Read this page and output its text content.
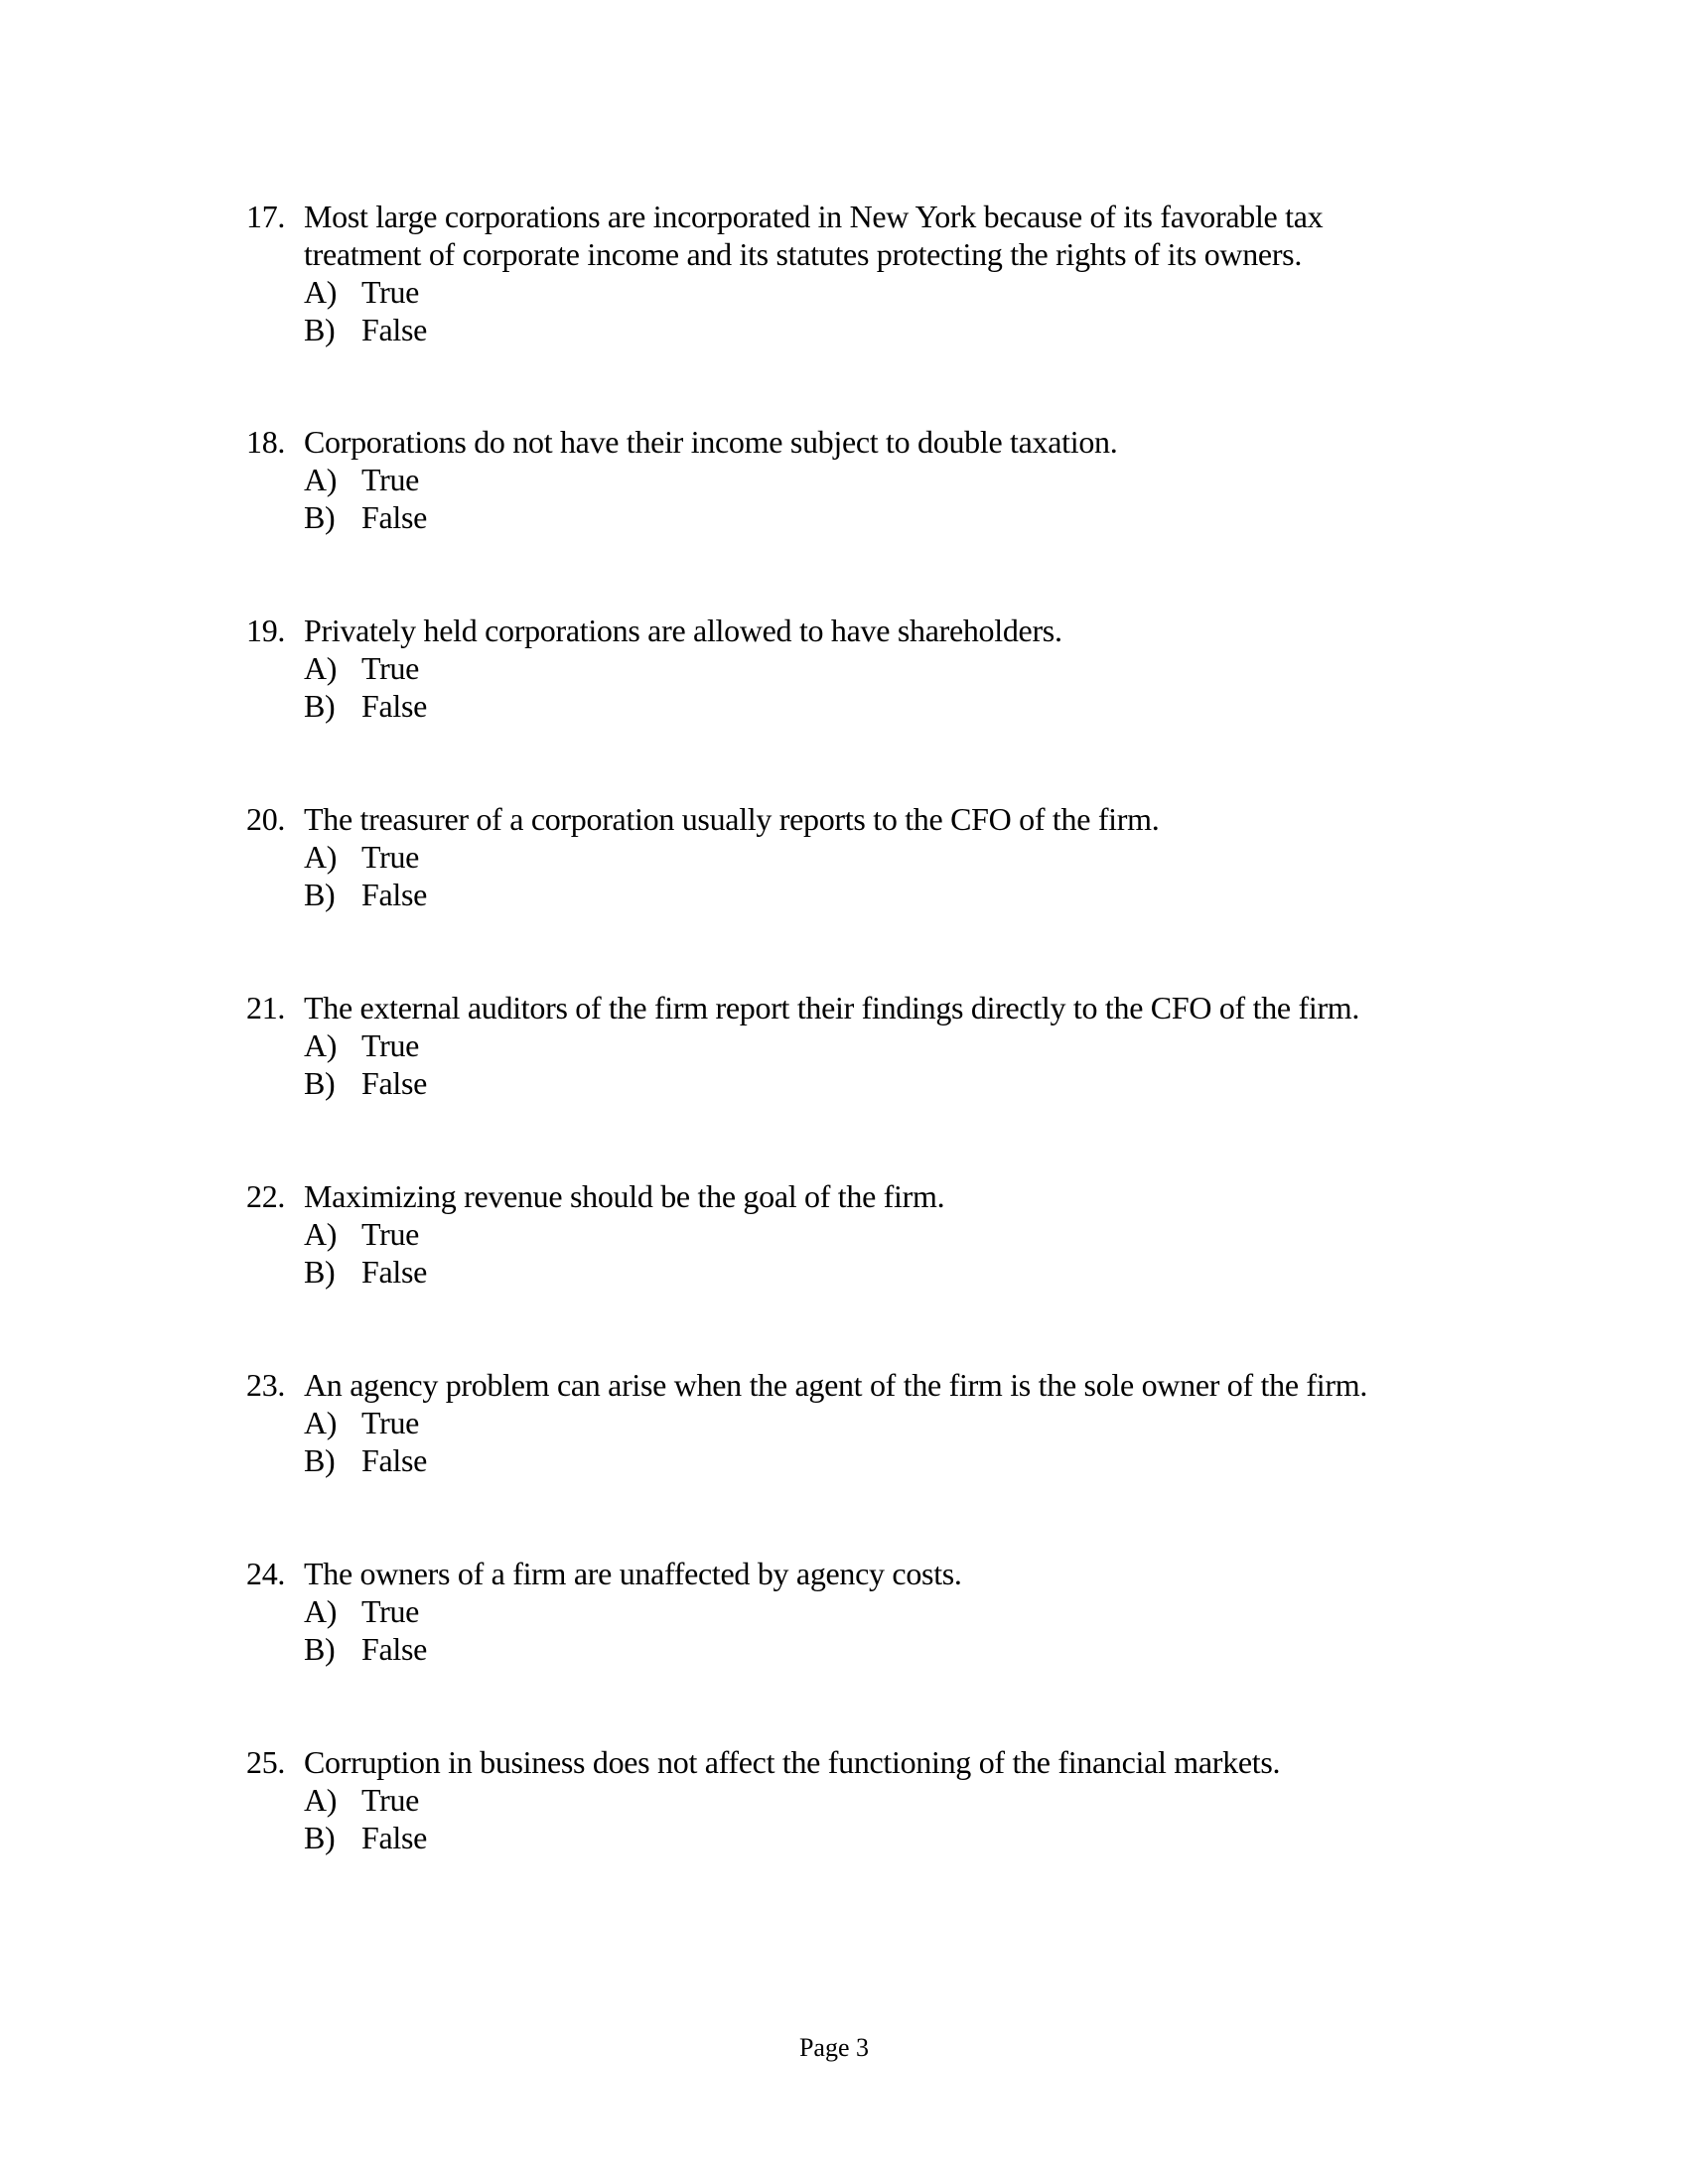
17. Most large corporations are incorporated in New York because of its favorable tax
treatment of corporate income and its statutes protecting the rights of its owners.
A) True
B) False
18. Corporations do not have their income subject to double taxation.
A) True
B) False
19. Privately held corporations are allowed to have shareholders.
A) True
B) False
20. The treasurer of a corporation usually reports to the CFO of the firm.
A) True
B) False
21. The external auditors of the firm report their findings directly to the CFO of the firm.
A) True
B) False
22. Maximizing revenue should be the goal of the firm.
A) True
B) False
23. An agency problem can arise when the agent of the firm is the sole owner of the firm.
A) True
B) False
24. The owners of a firm are unaffected by agency costs.
A) True
B) False
25. Corruption in business does not affect the functioning of the financial markets.
A) True
B) False
Page 3
